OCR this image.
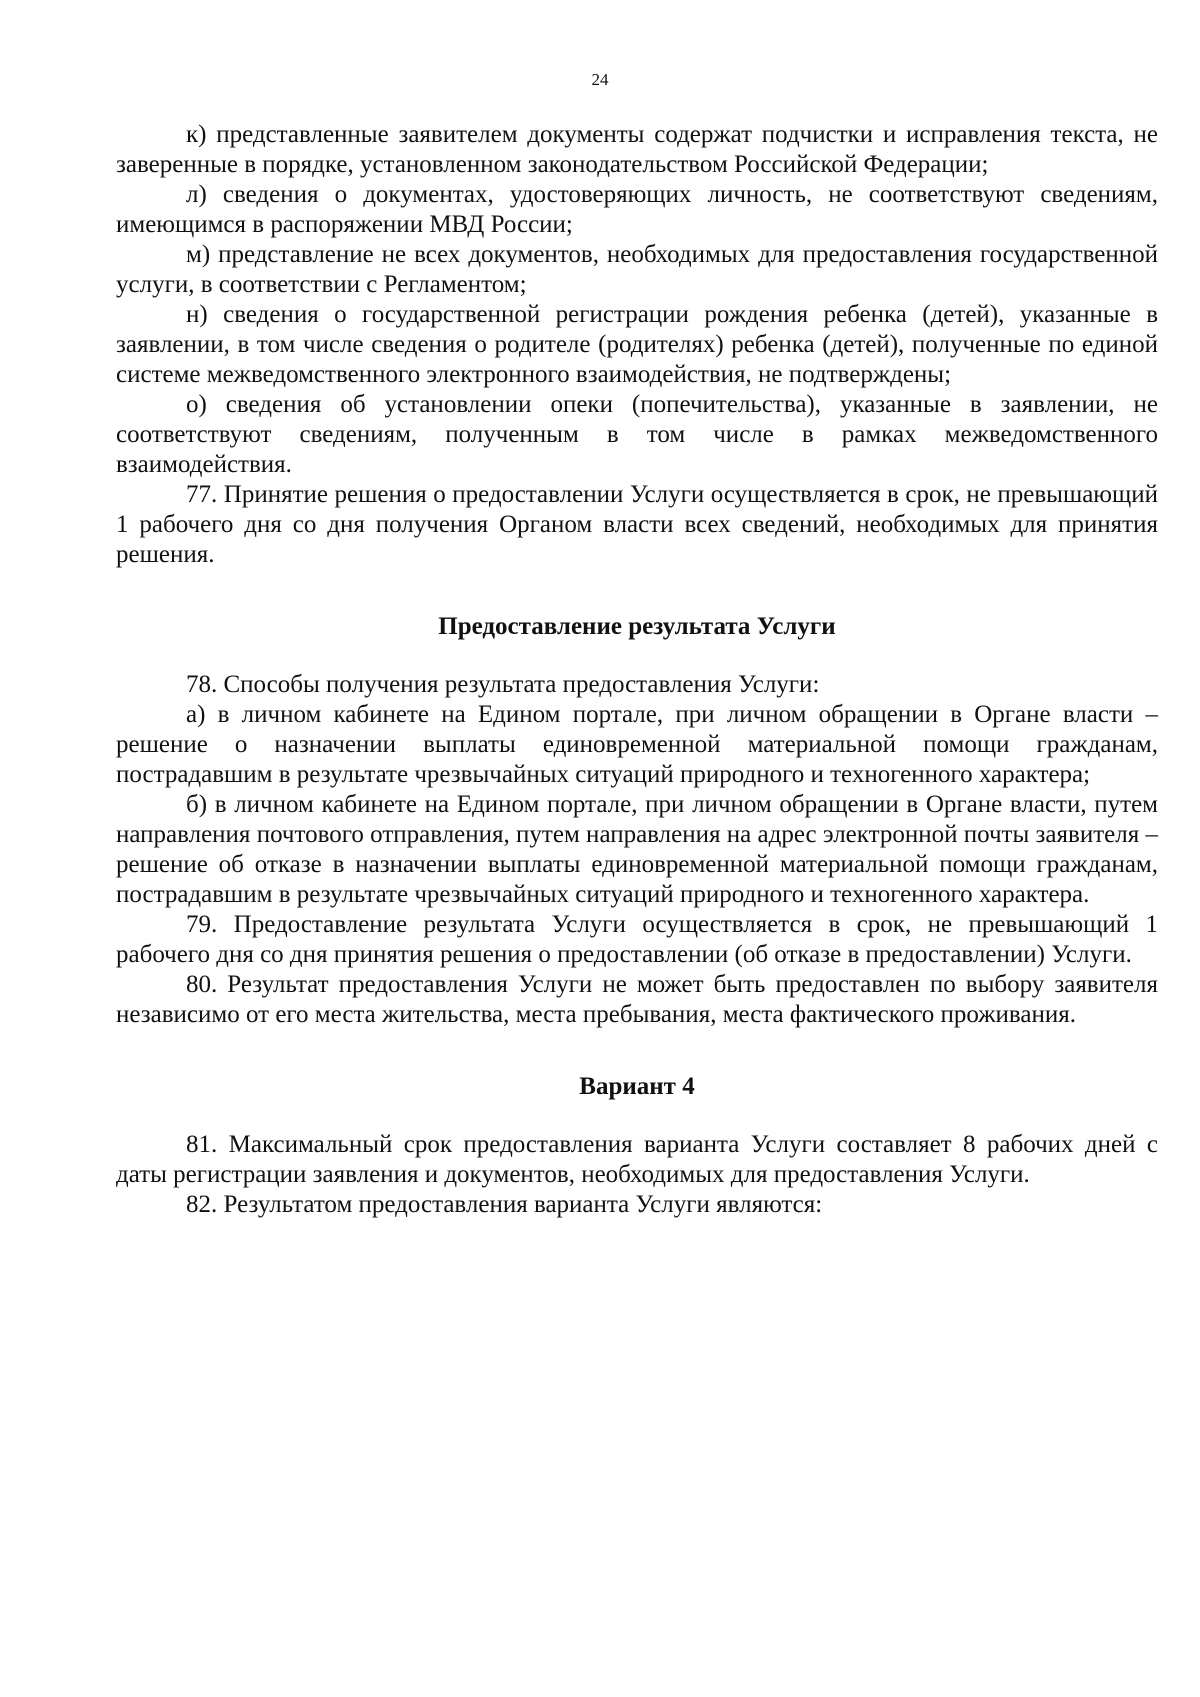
24

к) представленные заявителем документы содержат подчистки и исправления текста, не заверенные в порядке, установленном законодательством Российской Федерации;

л) сведения о документах, удостоверяющих личность, не соответствуют сведениям, имеющимся в распоряжении МВД России;

м) представление не всех документов, необходимых для предоставления государственной услуги, в соответствии с Регламентом;

н) сведения о государственной регистрации рождения ребенка (детей), указанные в заявлении, в том числе сведения о родителе (родителях) ребенка (детей), полученные по единой системе межведомственного электронного взаимодействия, не подтверждены;

о) сведения об установлении опеки (попечительства), указанные в заявлении, не соответствуют сведениям, полученным в том числе в рамках межведомственного взаимодействия.

77. Принятие решения о предоставлении Услуги осуществляется в срок, не превышающий 1 рабочего дня со дня получения Органом власти всех сведений, необходимых для принятия решения.

Предоставление результата Услуги

78. Способы получения результата предоставления Услуги:

а) в личном кабинете на Едином портале, при личном обращении в Органе власти – решение о назначении выплаты единовременной материальной помощи гражданам, пострадавшим в результате чрезвычайных ситуаций природного и техногенного характера;

б) в личном кабинете на Едином портале, при личном обращении в Органе власти, путем направления почтового отправления, путем направления на адрес электронной почты заявителя – решение об отказе в назначении выплаты единовременной материальной помощи гражданам, пострадавшим в результате чрезвычайных ситуаций природного и техногенного характера.

79. Предоставление результата Услуги осуществляется в срок, не превышающий 1 рабочего дня со дня принятия решения о предоставлении (об отказе в предоставлении) Услуги.

80. Результат предоставления Услуги не может быть предоставлен по выбору заявителя независимо от его места жительства, места пребывания, места фактического проживания.

Вариант 4

81. Максимальный срок предоставления варианта Услуги составляет 8 рабочих дней с даты регистрации заявления и документов, необходимых для предоставления Услуги.

82. Результатом предоставления варианта Услуги являются:
